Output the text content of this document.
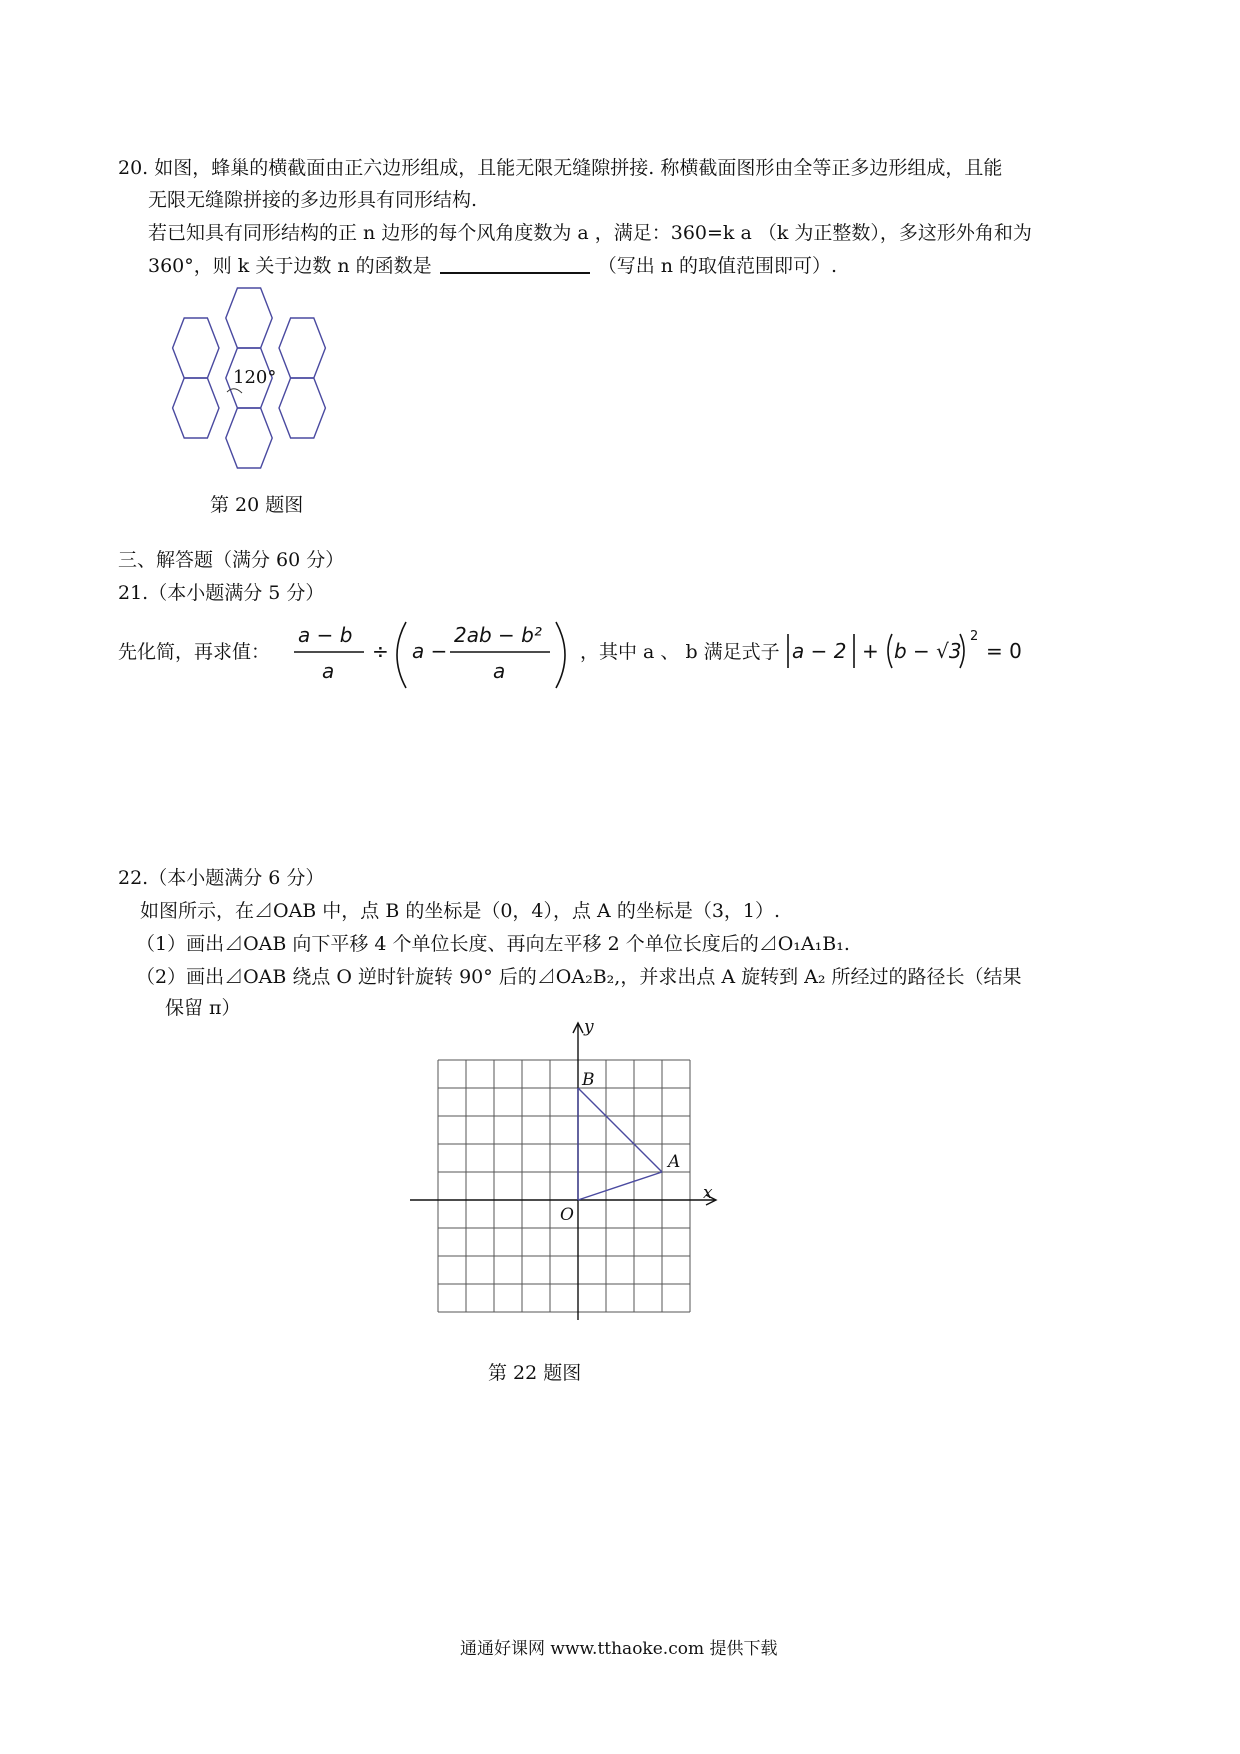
20. 如图，蜂巢的横截面由正六边形组成，且能无限无缝隙拼接. 称横截面图形由全等正多边形组成，且能
无限无缝隙拼接的多边形具有同形结构.
若已知具有同形结构的正 n 边形的每个风角度数为 a ，满足：360=k a （k 为正整数），多这形外角和为
360°，则 k 关于边数 n 的函数是	（写出 n 的取值范围即可）.
120°
第 20 题图
三、解答题（满分 60 分）
21.（本小题满分 5 分）
先化简，再求值：
a − b
a
÷ a −
2ab − b²
a
，其中 a 、 b 满足式子 a − 2 + b − √3
2
= 0
22.（本小题满分 6 分）
如图所示，在⊿OAB 中，点 B 的坐标是（0，4），点 A 的坐标是（3，1）.
（1）画出⊿OAB 向下平移 4 个单位长度、再向左平移 2 个单位长度后的⊿O₁A₁B₁.
（2）画出⊿OAB 绕点 O 逆时针旋转 90° 后的⊿OA₂B₂,，并求出点 A 旋转到 A₂ 所经过的路径长（结果
保留 π）
y
x
B
A
O
第 22 题图
通通好课网 www.tthaoke.com 提供下载
